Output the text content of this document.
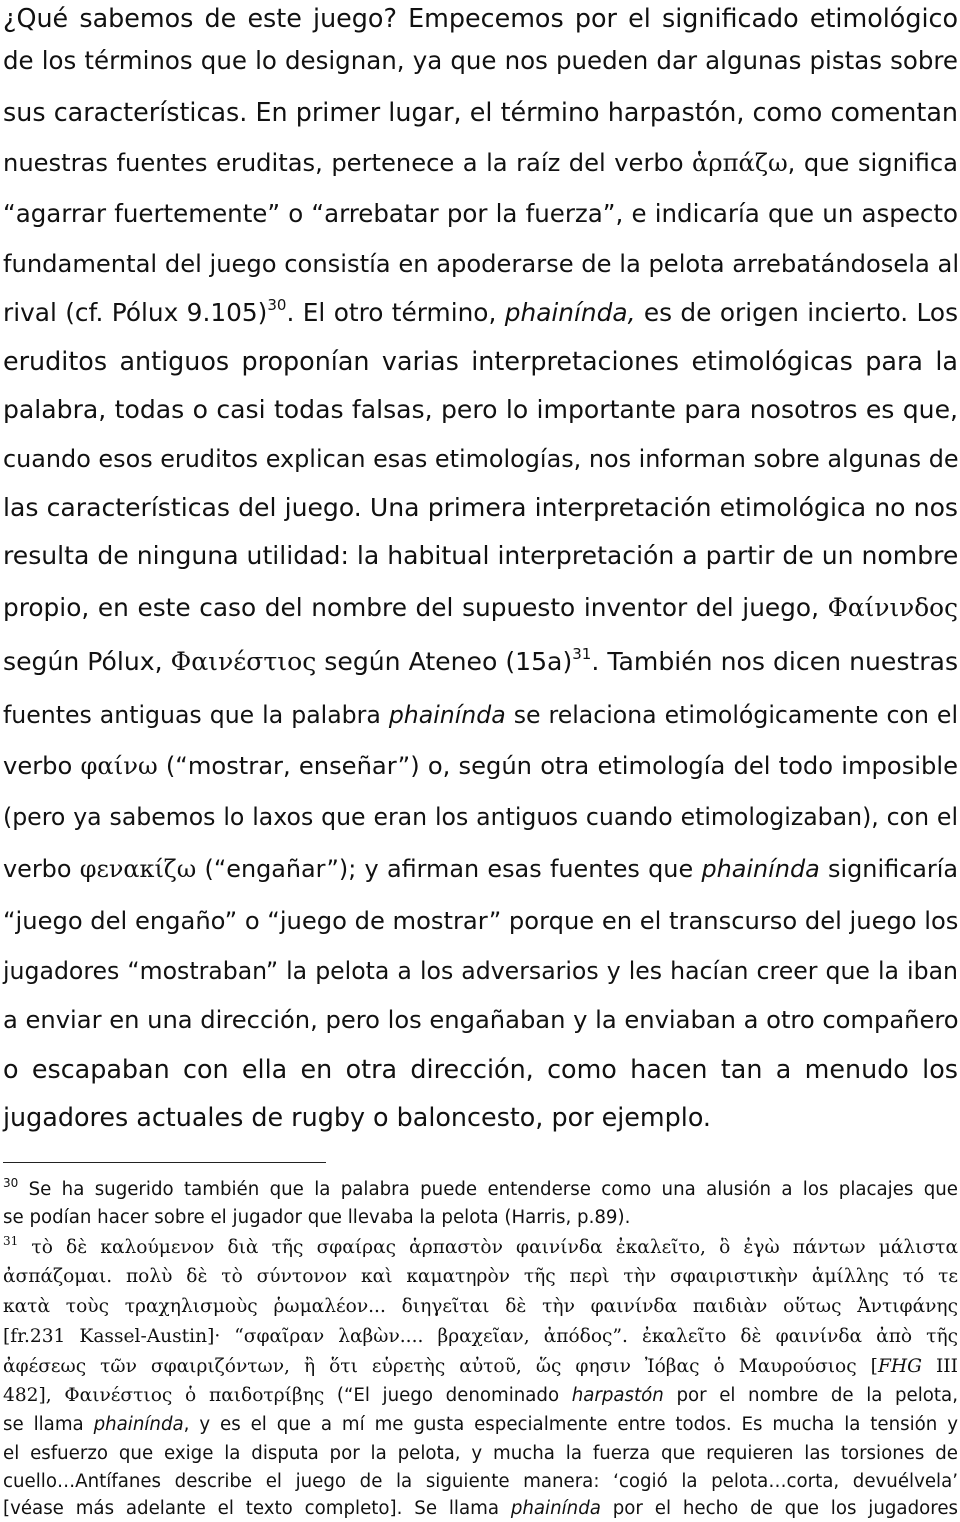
¿Qué sabemos de este juego? Empecemos por el significado etimológico
de los términos que lo designan, ya que nos pueden dar algunas pistas sobre
sus características. En primer lugar, el término harpastón, como comentan
nuestras fuentes eruditas, pertenece a la raíz del verbo ἁρπάζω, que significa
“agarrar fuertemente” o “arrebatar por la fuerza”, e indicaría que un aspecto
fundamental del juego consistía en apoderarse de la pelota arrebatándosela al
rival (cf. Pólux 9.105)$^{30}$. El otro término, phainínda, es de origen incierto. Los
eruditos antiguos proponían varias interpretaciones etimológicas para la
palabra, todas o casi todas falsas, pero lo importante para nosotros es que,
cuando esos eruditos explican esas etimologías, nos informan sobre algunas de
las características del juego. Una primera interpretación etimológica no nos
resulta de ninguna utilidad: la habitual interpretación a partir de un nombre
propio, en este caso del nombre del supuesto inventor del juego, Φαίνινδος
según Pólux, Φαινέστιος según Ateneo $(15a)^{31}$. También nos dicen nuestras
fuentes antiguas que la palabra phainínda se relaciona etimológicamente con el
verbo φαίνω (“mostrar, enseñar”) o, según otra etimología del todo imposible
(pero ya sabemos lo laxos que eran los antiguos cuando etimologizaban), con el
verbo φενακίζω (“engañar”); y afirman esas fuentes que phainínda significaría
“juego del engaño” o “juego de mostrar” porque en el transcurso del juego los
jugadores “mostraban” la pelota a los adversarios y les hacían creer que la iban
a enviar en una dirección, pero los engañaban y la enviaban a otro compañero
o escapaban con ella en otra dirección, como hacen tan a menudo los
jugadores actuales de rugby o baloncesto, por ejemplo.
$^{30}$ Se ha sugerido también que la palabra puede entenderse como una alusión a los placajes que
se podían hacer sobre el jugador que llevaba la pelota (Harris, p.89).
$^{31}$ τὸ δὲ καλούμενον διὰ τῆς σφαίρας ἁρπαστὸν φαινίνδα ἐκαλεῖτο, ὃ ἐγὼ πάντων μάλιστα
ἀσπάζομαι. πολὺ δὲ τὸ σύντονον καὶ καματηρὸν τῆς περὶ τὴν σφαιριστικὴν ἁμίλλης τό τε
κατὰ τοὺς τραχηλισμοὺς ῥωμαλέον... διηγεῖται δὲ τὴν φαινίνδα παιδιὰν οὕτως Ἀντιφάνης
[fr.231 Kassel-Austin]· “σφαῖραν λαβὼν.... βραχεῖαν, ἀπόδος”. ἐκαλεῖτο δὲ φαινίνδα ἀπὸ τῆς
ἀφέσεως τῶν σφαιριζόντων, ἢ ὅτι εὑρετὴς αὐτοῦ, ὥς φησιν Ἰόβας ὁ Μαυρούσιος [FHG III
482], Φαινέστιος ὁ παιδοτρίβης (“El juego denominado harpastón por el nombre de la pelota,
se llama phainínda, y es el que a mí me gusta especialmente entre todos. Es mucha la tensión y
el esfuerzo que exige la disputa por la pelota, y mucha la fuerza que requieren las torsiones de
cuello…Antífanes describe el juego de la siguiente manera: ‘cogió la pelota…corta, devuélvela’
[véase más adelante el texto completo]. Se llama phainínda por el hecho de que los jugadores
